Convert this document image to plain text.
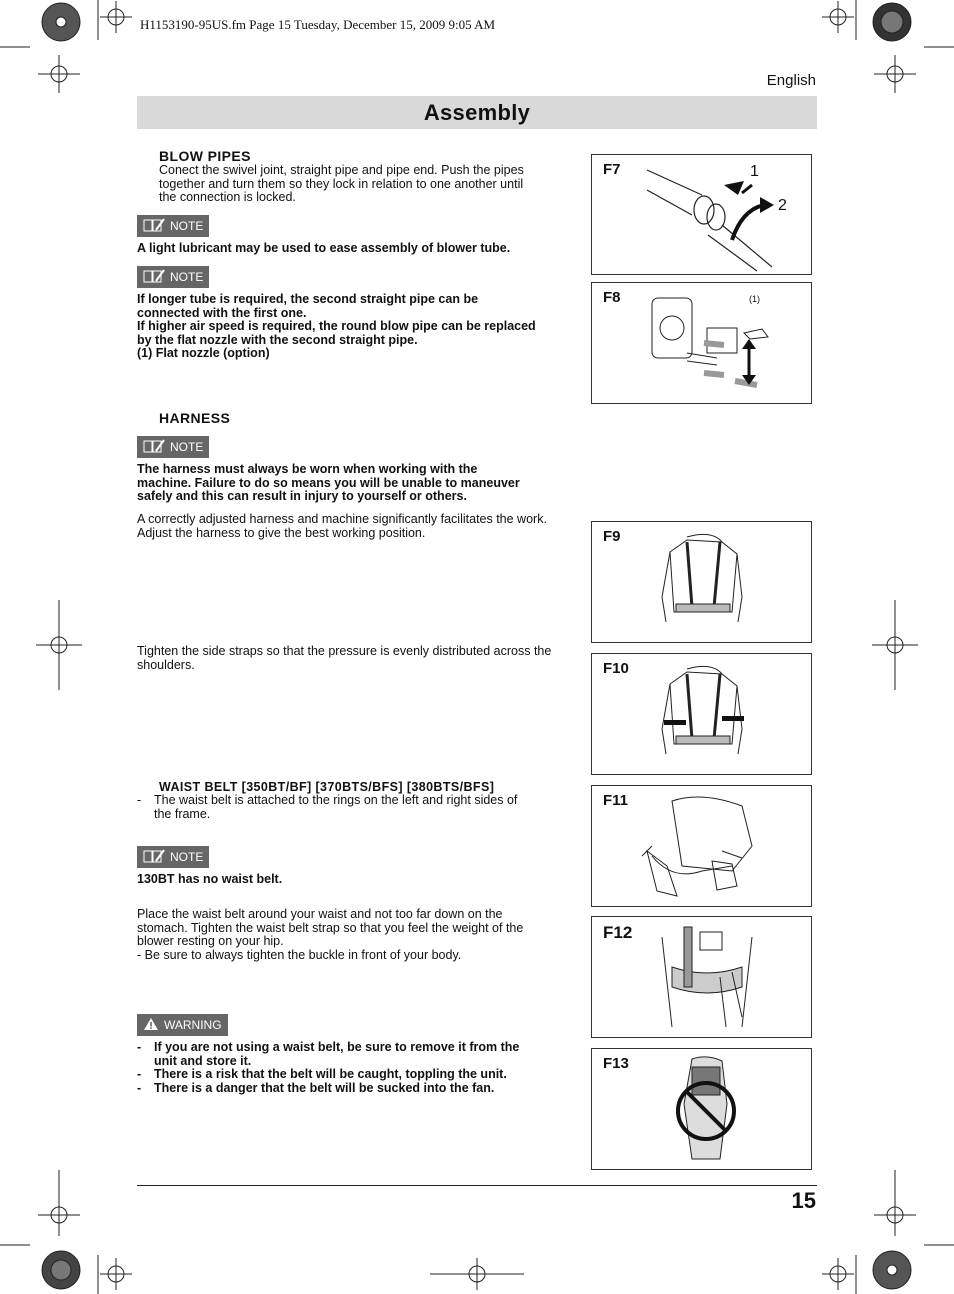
H1153190-95US.fm Page 15 Tuesday, December 15, 2009 9:05 AM
English
Assembly
BLOW PIPES
Conect the swivel joint, straight pipe and pipe end. Push the pipes
together and turn them so they lock in relation to one another until
the connection is locked.
NOTE
A light lubricant may be used to ease assembly of blower tube.
NOTE
If longer tube is required, the second straight pipe can be
connected with the first one.
If higher air speed is required, the round blow pipe can be replaced
by the flat nozzle with the second straight pipe.
(1) Flat nozzle (option)
HARNESS
NOTE
The harness must always be worn when working with the
machine. Failure to do so means you will be unable to maneuver
safely and this can result in injury to yourself or others.
A correctly adjusted harness and machine significantly facilitates the work.
Adjust the harness to give the best working position.
Tighten the side straps so that the pressure is evenly distributed across the
shoulders.
WAIST BELT [350BT/BF] [370BTS/BFS] [380BTS/BFS]
-	The waist belt is attached to the rings on the left and right sides of
the frame.
NOTE
130BT has no waist belt.
Place the waist belt around your waist and not too far down on the
stomach. Tighten the waist belt strap so that you feel the weight of the
blower resting on your hip.
- Be sure to always tighten the buckle in front of your body.
WARNING
-	If you are not using a waist belt, be sure to remove it from the
unit and store it.
-	There is a risk that the belt will be caught, toppling the unit.
-	There is a danger that the belt will be sucked into the fan.
F7	1
2
F8	(1)
F9
F10
F11
F12
F13
15
